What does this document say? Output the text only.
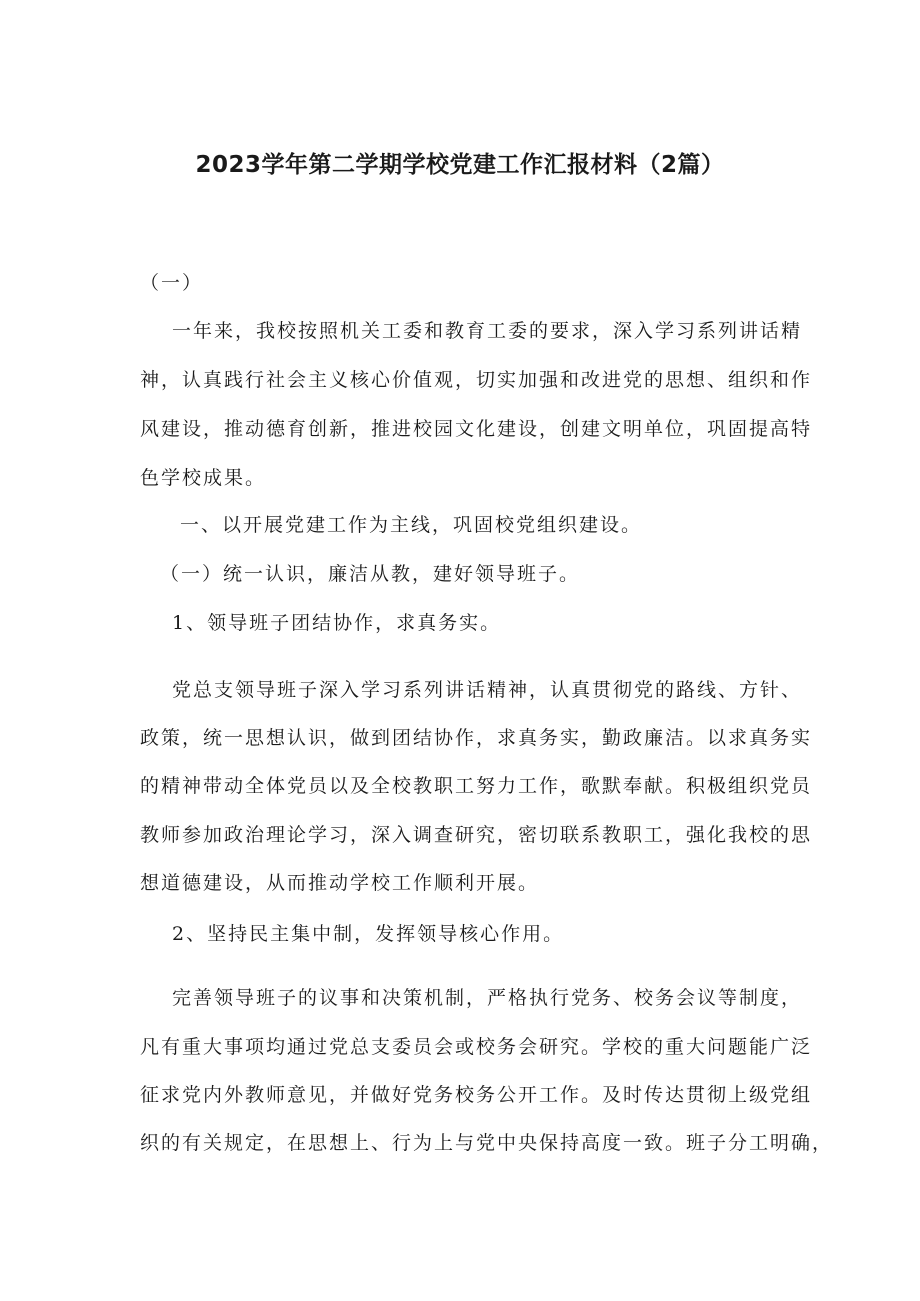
2023学年第二学期学校党建工作汇报材料（2篇）
（一）
一年来，我校按照机关工委和教育工委的要求，深入学习系列讲话精
神，认真践行社会主义核心价值观，切实加强和改进党的思想、组织和作
风建设，推动德育创新，推进校园文化建设，创建文明单位，巩固提高特
色学校成果。
一、以开展党建工作为主线，巩固校党组织建设。
（一）统一认识，廉洁从教，建好领导班子。
1、领导班子团结协作，求真务实。
党总支领导班子深入学习系列讲话精神，认真贯彻党的路线、方针、
政策，统一思想认识，做到团结协作，求真务实，勤政廉洁。以求真务实
的精神带动全体党员以及全校教职工努力工作，歌默奉献。积极组织党员
教师参加政治理论学习，深入调查研究，密切联系教职工，强化我校的思
想道德建设，从而推动学校工作顺利开展。
2、坚持民主集中制，发挥领导核心作用。
完善领导班子的议事和决策机制，严格执行党务、校务会议等制度，
凡有重大事项均通过党总支委员会或校务会研究。学校的重大问题能广泛
征求党内外教师意见，并做好党务校务公开工作。及时传达贯彻上级党组
织的有关规定，在思想上、行为上与党中央保持高度一致。班子分工明确，
